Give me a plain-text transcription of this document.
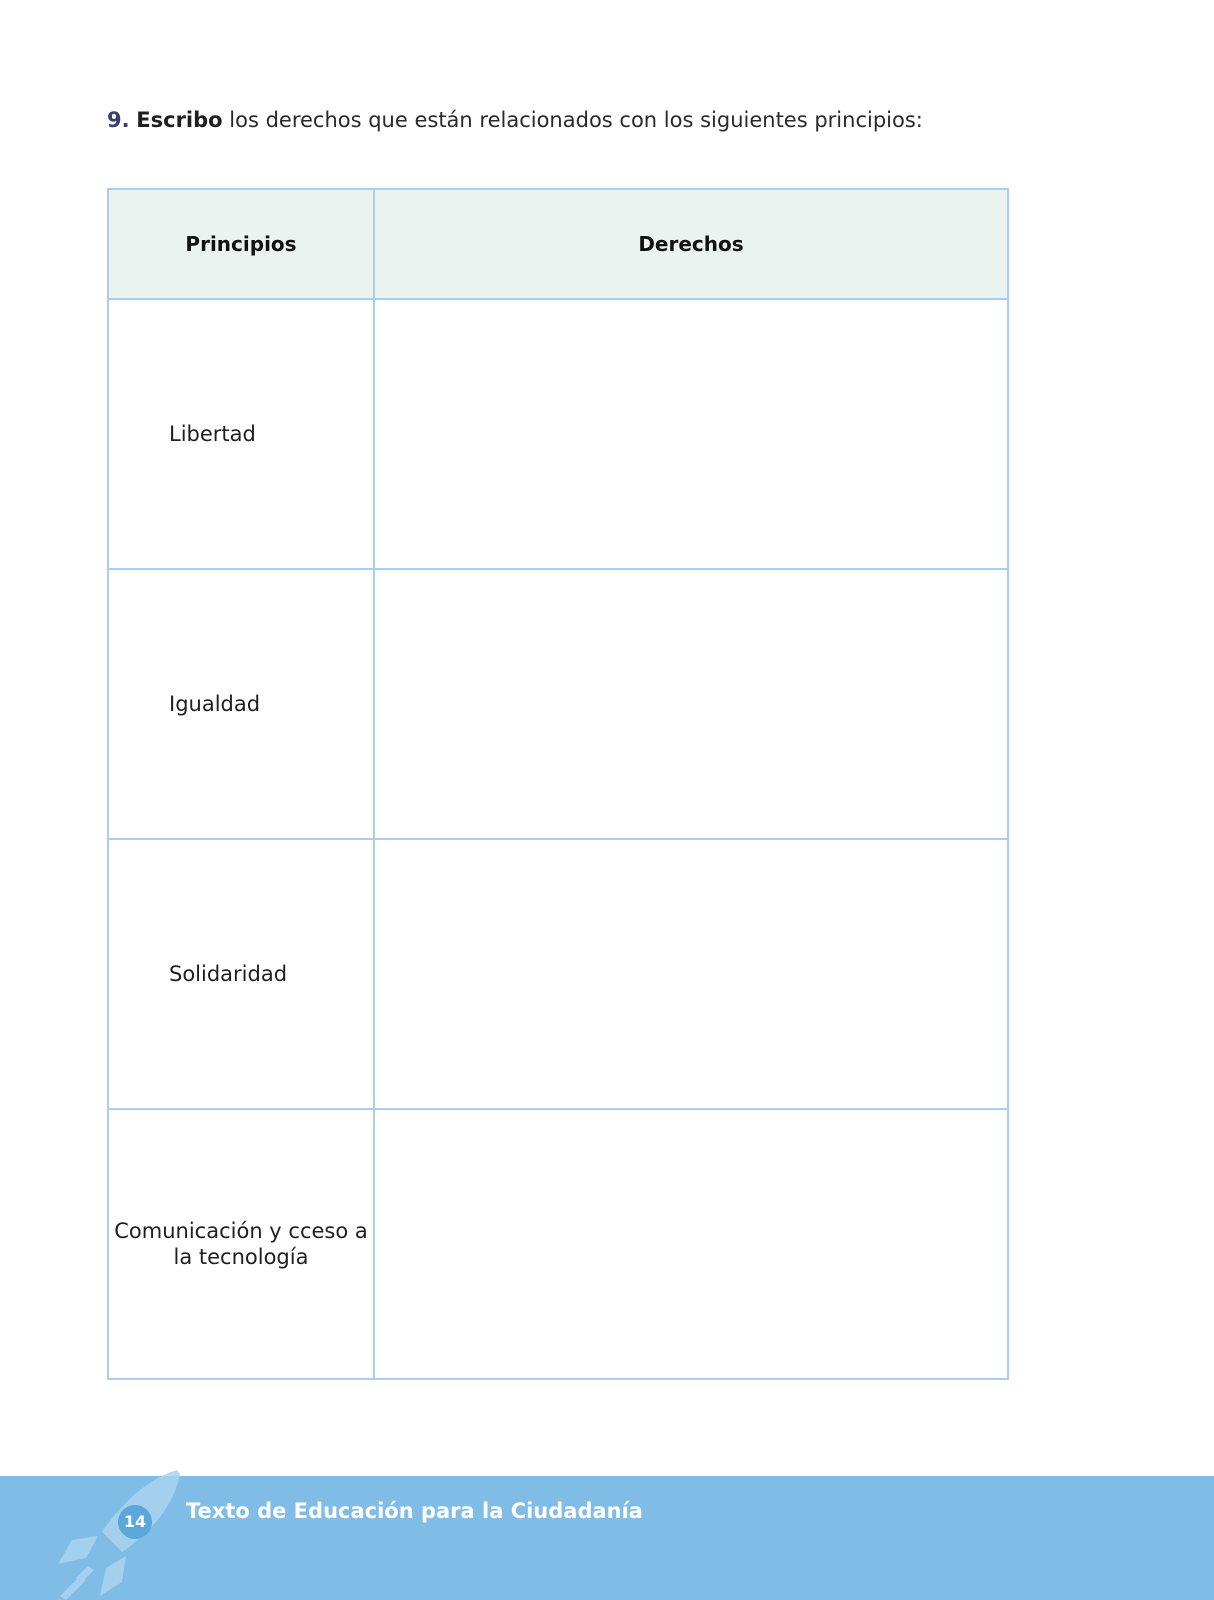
9. Escribo los derechos que están relacionados con los siguientes principios:
Principios	Derechos
Libertad	
Igualdad	
Solidaridad	
Comunicación y cceso a la tecnología	
14 Texto de Educación para la Ciudadanía
